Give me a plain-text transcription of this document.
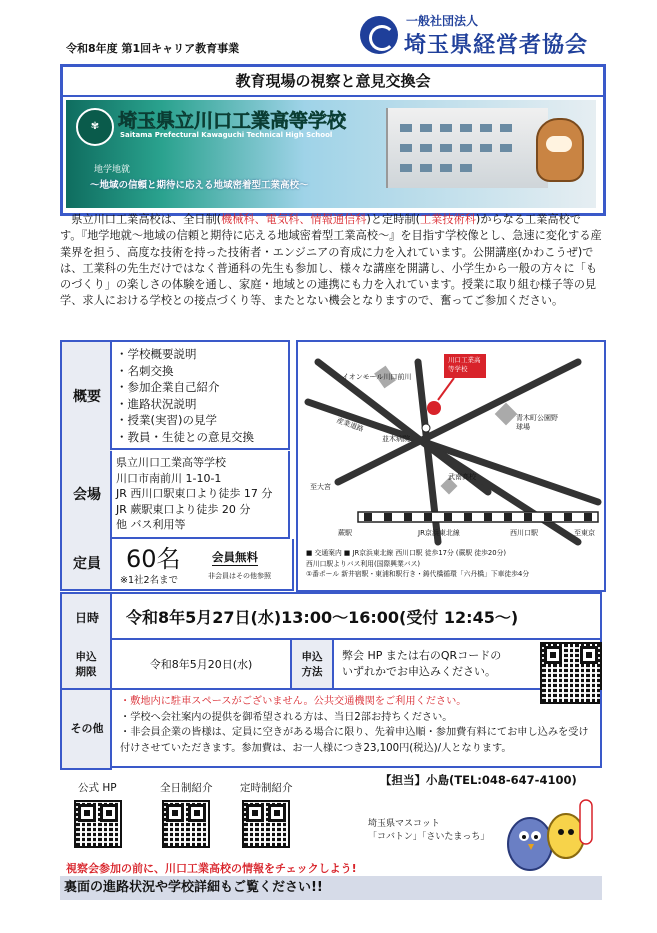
令和8年度 第1回キャリア教育事業
一般社団法人
埼玉県経営者協会
教育現場の視察と意見交換会
✾ 埼玉県立川口工業高等学校
Saitama Prefectural Kawaguchi Technical High School
地学地就
〜地域の信頼と期待に応える地域密着型工業高校〜
県立川口工業高校は、全日制(機械科、電気科、情報通信科)と定時制(工業技術科)からなる工業高校です。『地学地就〜地域の信頼と期待に応える地域密着型工業高校〜』を目指す学校像とし、急速に変化する産業界を担う、高度な技術を持った技術者・エンジニアの育成に力を入れています。公開講座(かわこうぜ)では、工業科の先生だけではなく普通科の先生も参加し、様々な講座を開講し、小学生から一般の方々に「ものづくり」の楽しさの体験を通し、家庭・地域との連携にも力を入れています。授業に取り組む様子等の見学、求人における学校との接点づくり等、またとない機会となりますので、奮ってご参加ください。
概要
・ 学校概要説明
・ 名刺交換
・ 参加企業自己紹介
・ 進路状況説明
・ 授業(実習)の見学
・ 教員・生徒との意見交換
会場
県立川口工業高等学校
川口市南前川 1-10-1
JR 西川口駅東口より徒歩 17 分
JR 蕨駅東口より徒歩 20 分
他 バス利用等
定員	60名
※1社2名まで
会員無料
非会員はその他参照
川口工業高等学校
イオンモール川口前川
産業道路
並木病院
至大宮
青木町公園野球場
武南高校
蕨駅	JR京浜東北線	西川口駅	至東京
■ 交通案内 ■ JR京浜東北線 西川口駅 徒歩17分 (蕨駅 徒歩20分)
西川口駅よりバス利用(国際興業バス)
①番ポール 新井宿駅・東浦和駅行き・鋳代橋循環「六丹橋」下車徒歩4分
日時	令和8年5月27日(水)13:00〜16:00(受付 12:45〜)
申込
期限
令和8年5月20日(水)
申込
方法
弊会 HP または右のQRコードの
いずれかでお申込みください。
その他
・ 敷地内に駐車スペースがございません。公共交通機関をご利用ください。
・ 学校へ会社案内の提供を御希望される方は、当日2部お持ちください。
・ 非会員企業の皆様は、定員に空きがある場合に限り、先着申込順・参加費有料にてお申し込みを受け付けさせていただきます。参加費は、お一人様につき23,100円(税込)/人となります。
公式 HP	全日制紹介	定時制紹介
【担当】小島(TEL:048-647-4100)
埼玉県マスコット
「コバトン」「さいたまっち」
視察会参加の前に、川口工業高校の情報をチェックしよう!
裏面の進路状況や学校詳細もご覧ください!!
